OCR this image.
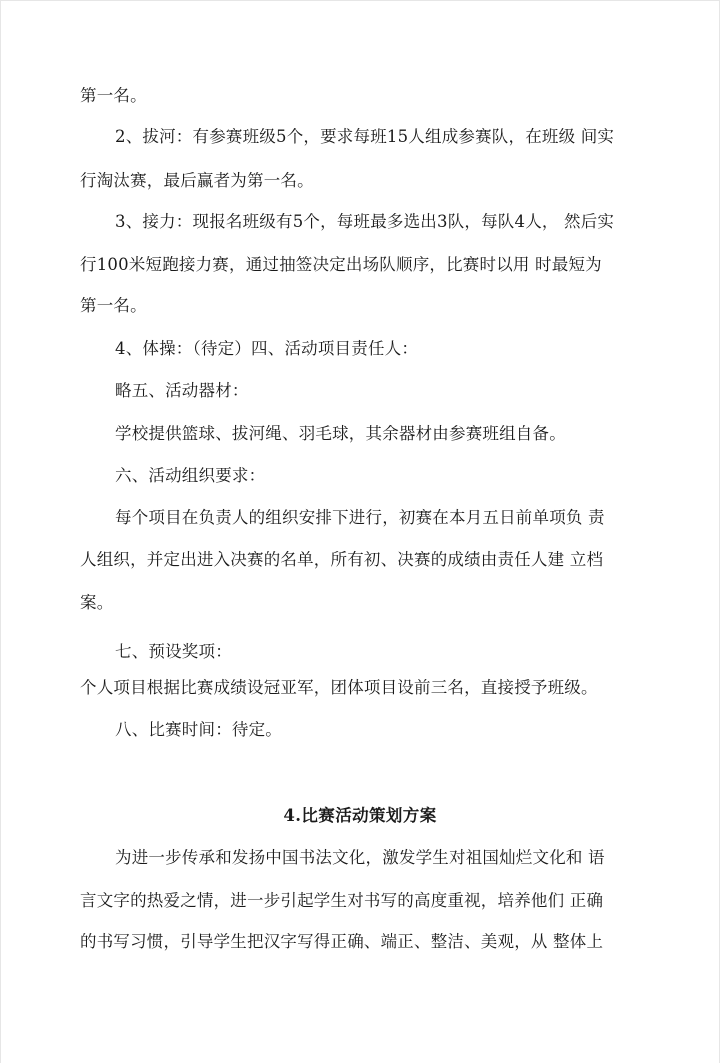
第一名。
2、拔河：有参赛班级5个，要求每班15人组成参赛队，在班级 间实
行淘汰赛，最后赢者为第一名。
3、接力：现报名班级有5个，每班最多选出3队，每队4人， 然后实
行100米短跑接力赛，通过抽签决定出场队顺序，比赛时以用 时最短为
第一名。
4、体操：（待定）四、活动项目责任人：
略五、活动器材：
学校提供篮球、拔河绳、羽毛球，其余器材由参赛班组自备。
六、活动组织要求：
每个项目在负责人的组织安排下进行，初赛在本月五日前单项负 责
人组织，并定出进入决赛的名单，所有初、决赛的成绩由责任人建 立档
案。
七、预设奖项：
个人项目根据比赛成绩设冠亚军，团体项目设前三名，直接授予班级。
八、比赛时间：待定。
4.比赛活动策划方案
为进一步传承和发扬中国书法文化，激发学生对祖国灿烂文化和 语
言文字的热爱之情，进一步引起学生对书写的高度重视，培养他们 正确
的书写习惯，引导学生把汉字写得正确、端正、整洁、美观，从 整体上
